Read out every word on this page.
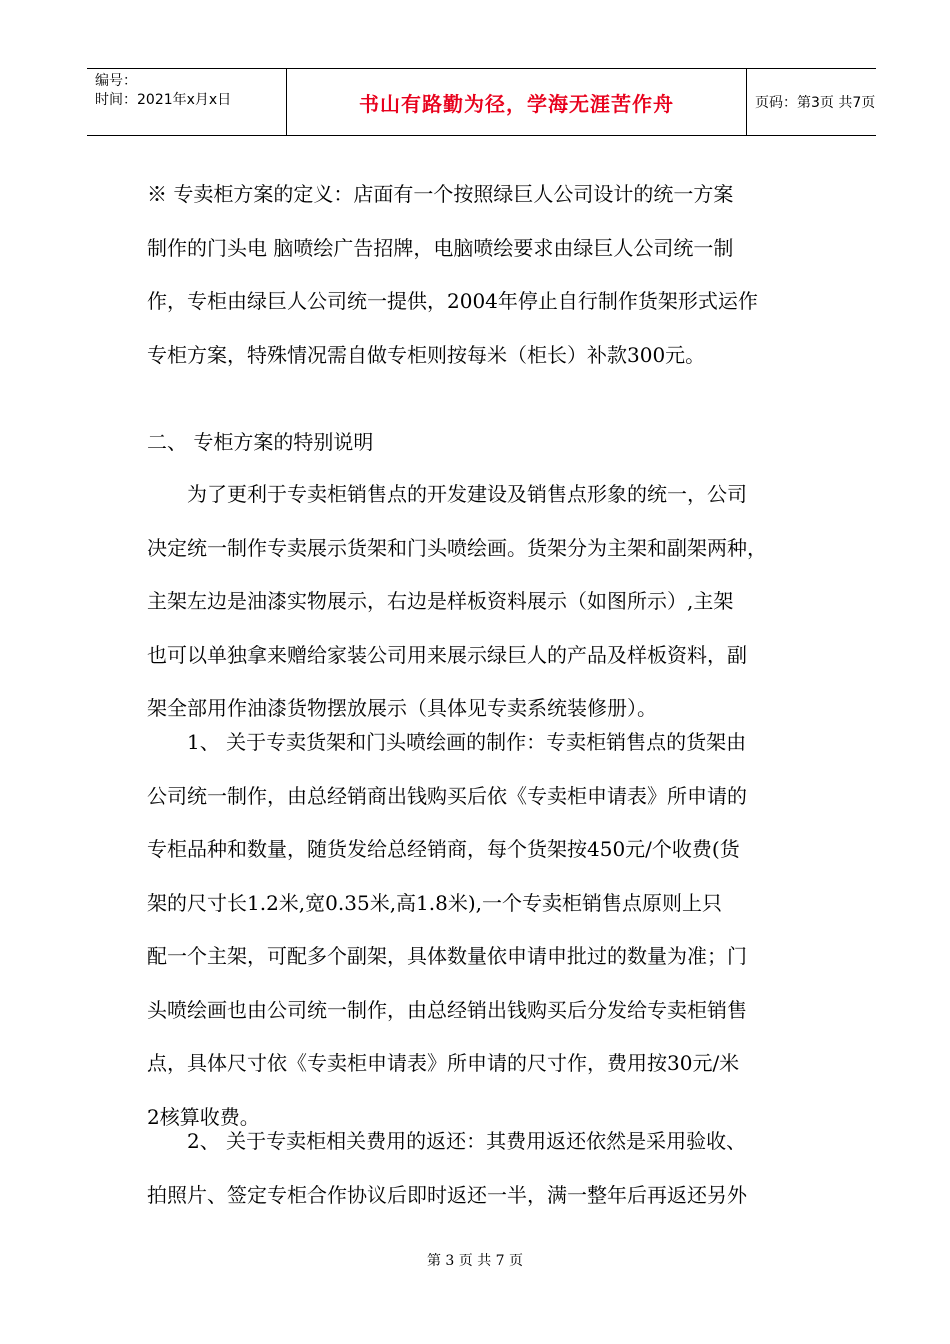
编号：
时间：2021年x月x日	书山有路勤为径，学海无涯苦作舟	页码：第3页 共7页
※ 专卖柜方案的定义：店面有一个按照绿巨人公司设计的统一方案
制作的门头电 脑喷绘广告招牌，电脑喷绘要求由绿巨人公司统一制
作，专柜由绿巨人公司统一提供，2004年停止自行制作货架形式运作
专柜方案，特殊情况需自做专柜则按每米（柜长）补款300元。
二、 专柜方案的特别说明
　　为了更利于专卖柜销售点的开发建设及销售点形象的统一，公司
决定统一制作专卖展示货架和门头喷绘画。货架分为主架和副架两种，
主架左边是油漆实物展示，右边是样板资料展示（如图所示）,主架
也可以单独拿来赠给家装公司用来展示绿巨人的产品及样板资料，副
架全部用作油漆货物摆放展示（具体见专卖系统装修册）。
　　1、 关于专卖货架和门头喷绘画的制作：专卖柜销售点的货架由
公司统一制作，由总经销商出钱购买后依《专卖柜申请表》所申请的
专柜品种和数量，随货发给总经销商，每个货架按450元/个收费(货
架的尺寸长1.2米,宽0.35米,高1.8米),一个专卖柜销售点原则上只
配一个主架，可配多个副架，具体数量依申请申批过的数量为准；门
头喷绘画也由公司统一制作，由总经销出钱购买后分发给专卖柜销售
点，具体尺寸依《专卖柜申请表》所申请的尺寸作，费用按30元/米
2核算收费。
　　2、 关于专卖柜相关费用的返还：其费用返还依然是采用验收、
拍照片、签定专柜合作协议后即时返还一半，满一整年后再返还另外
第 3 页 共 7 页
